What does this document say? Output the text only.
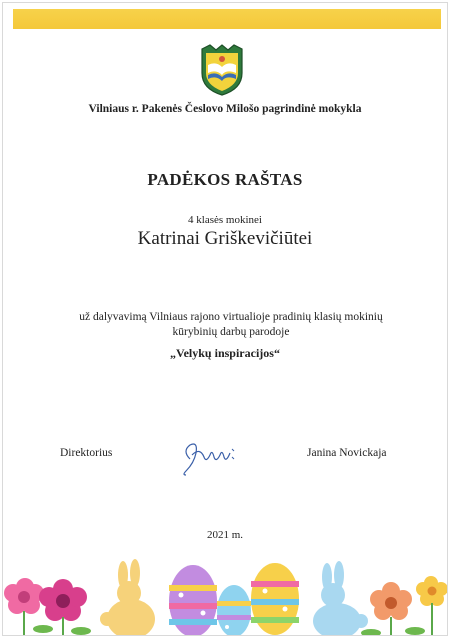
Vilniaus r. Pakenės Česlovo Milošo pagrindinė mokykla
PADĖKOS RAŠTAS
4 klasės mokinei
Katrinai Griškevičiūtei
už dalyvavimą Vilniaus rajono virtualioje pradinių klasių mokinių
kūrybinių darbų parodoje
„Velykų inspiracijos“
Direktorius	Janina Novickaja
2021 m.
